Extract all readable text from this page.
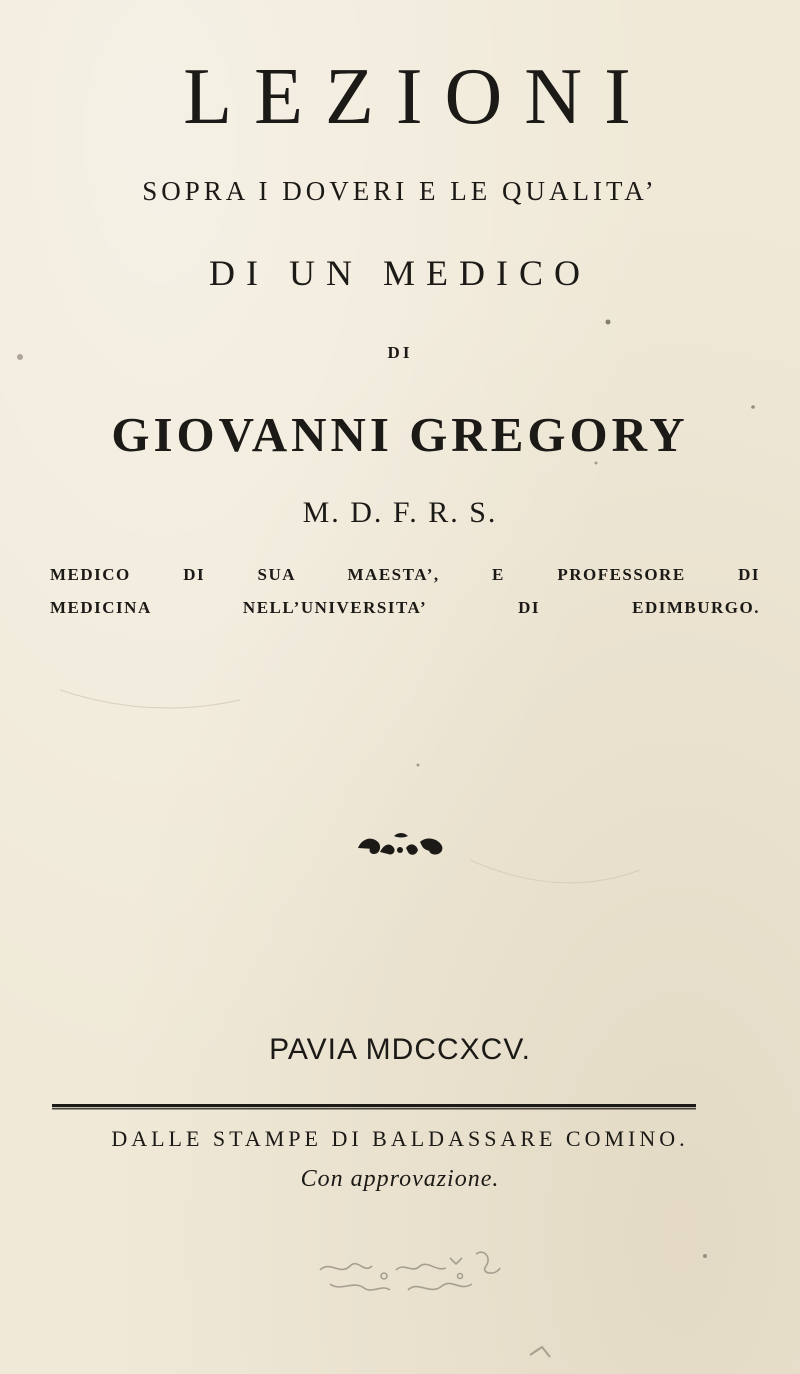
LEZIONI
SOPRA I DOVERI E LE QUALITA’
DI UN MEDICO
DI
GIOVANNI GREGORY
M. D. F. R. S.
MEDICO DI SUA MAESTA’, E PROFESSORE DI
MEDICINA NELL’UNIVERSITA’ DI EDIMBURGO.
PAVIA MDCCXCV.
DALLE STAMPE DI BALDASSARE COMINO.
Con approvazione.
